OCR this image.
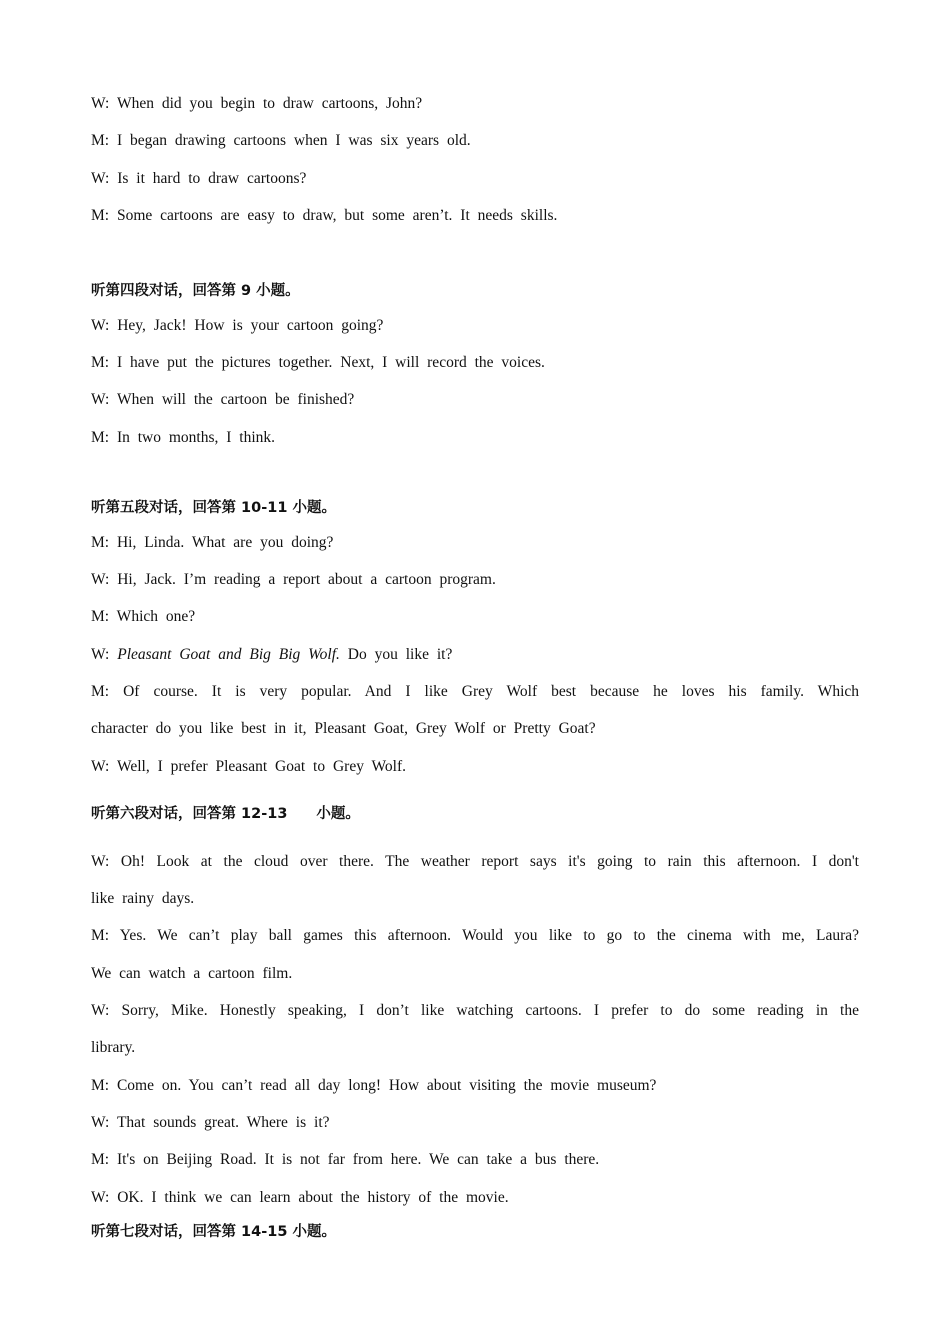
W: When did you begin to draw cartoons, John?
M: I began drawing cartoons when I was six years old.
W: Is it hard to draw cartoons?
M: Some cartoons are easy to draw, but some aren’t. It needs skills.
听第四段对话，回答第 9 小题。
W: Hey, Jack! How is your cartoon going?
M: I have put the pictures together. Next, I will record the voices.
W: When will the cartoon be finished?
M: In two months, I think.
听第五段对话，回答第 10-11 小题。
M: Hi, Linda. What are you doing?
W: Hi, Jack. I’m reading a report about a cartoon program.
M: Which one?
W: Pleasant Goat and Big Big Wolf. Do you like it?
M: Of course. It is very popular. And I like Grey Wolf best because he loves his family. Which
character do you like best in it, Pleasant Goat, Grey Wolf or Pretty Goat?
W: Well, I prefer Pleasant Goat to Grey Wolf.
听第六段对话，回答第 12-13　　小题。
W: Oh! Look at the cloud over there. The weather report says it's going to rain this afternoon. I don't
like rainy days.
M: Yes. We can’t play ball games this afternoon. Would you like to go to the cinema with me, Laura?
We can watch a cartoon film.
W: Sorry, Mike. Honestly speaking, I don’t like watching cartoons. I prefer to do some reading in the
library.
M: Come on. You can’t read all day long! How about visiting the movie museum?
W: That sounds great. Where is it?
M: It's on Beijing Road. It is not far from here. We can take a bus there.
W: OK. I think we can learn about the history of the movie.
听第七段对话，回答第 14-15 小题。
